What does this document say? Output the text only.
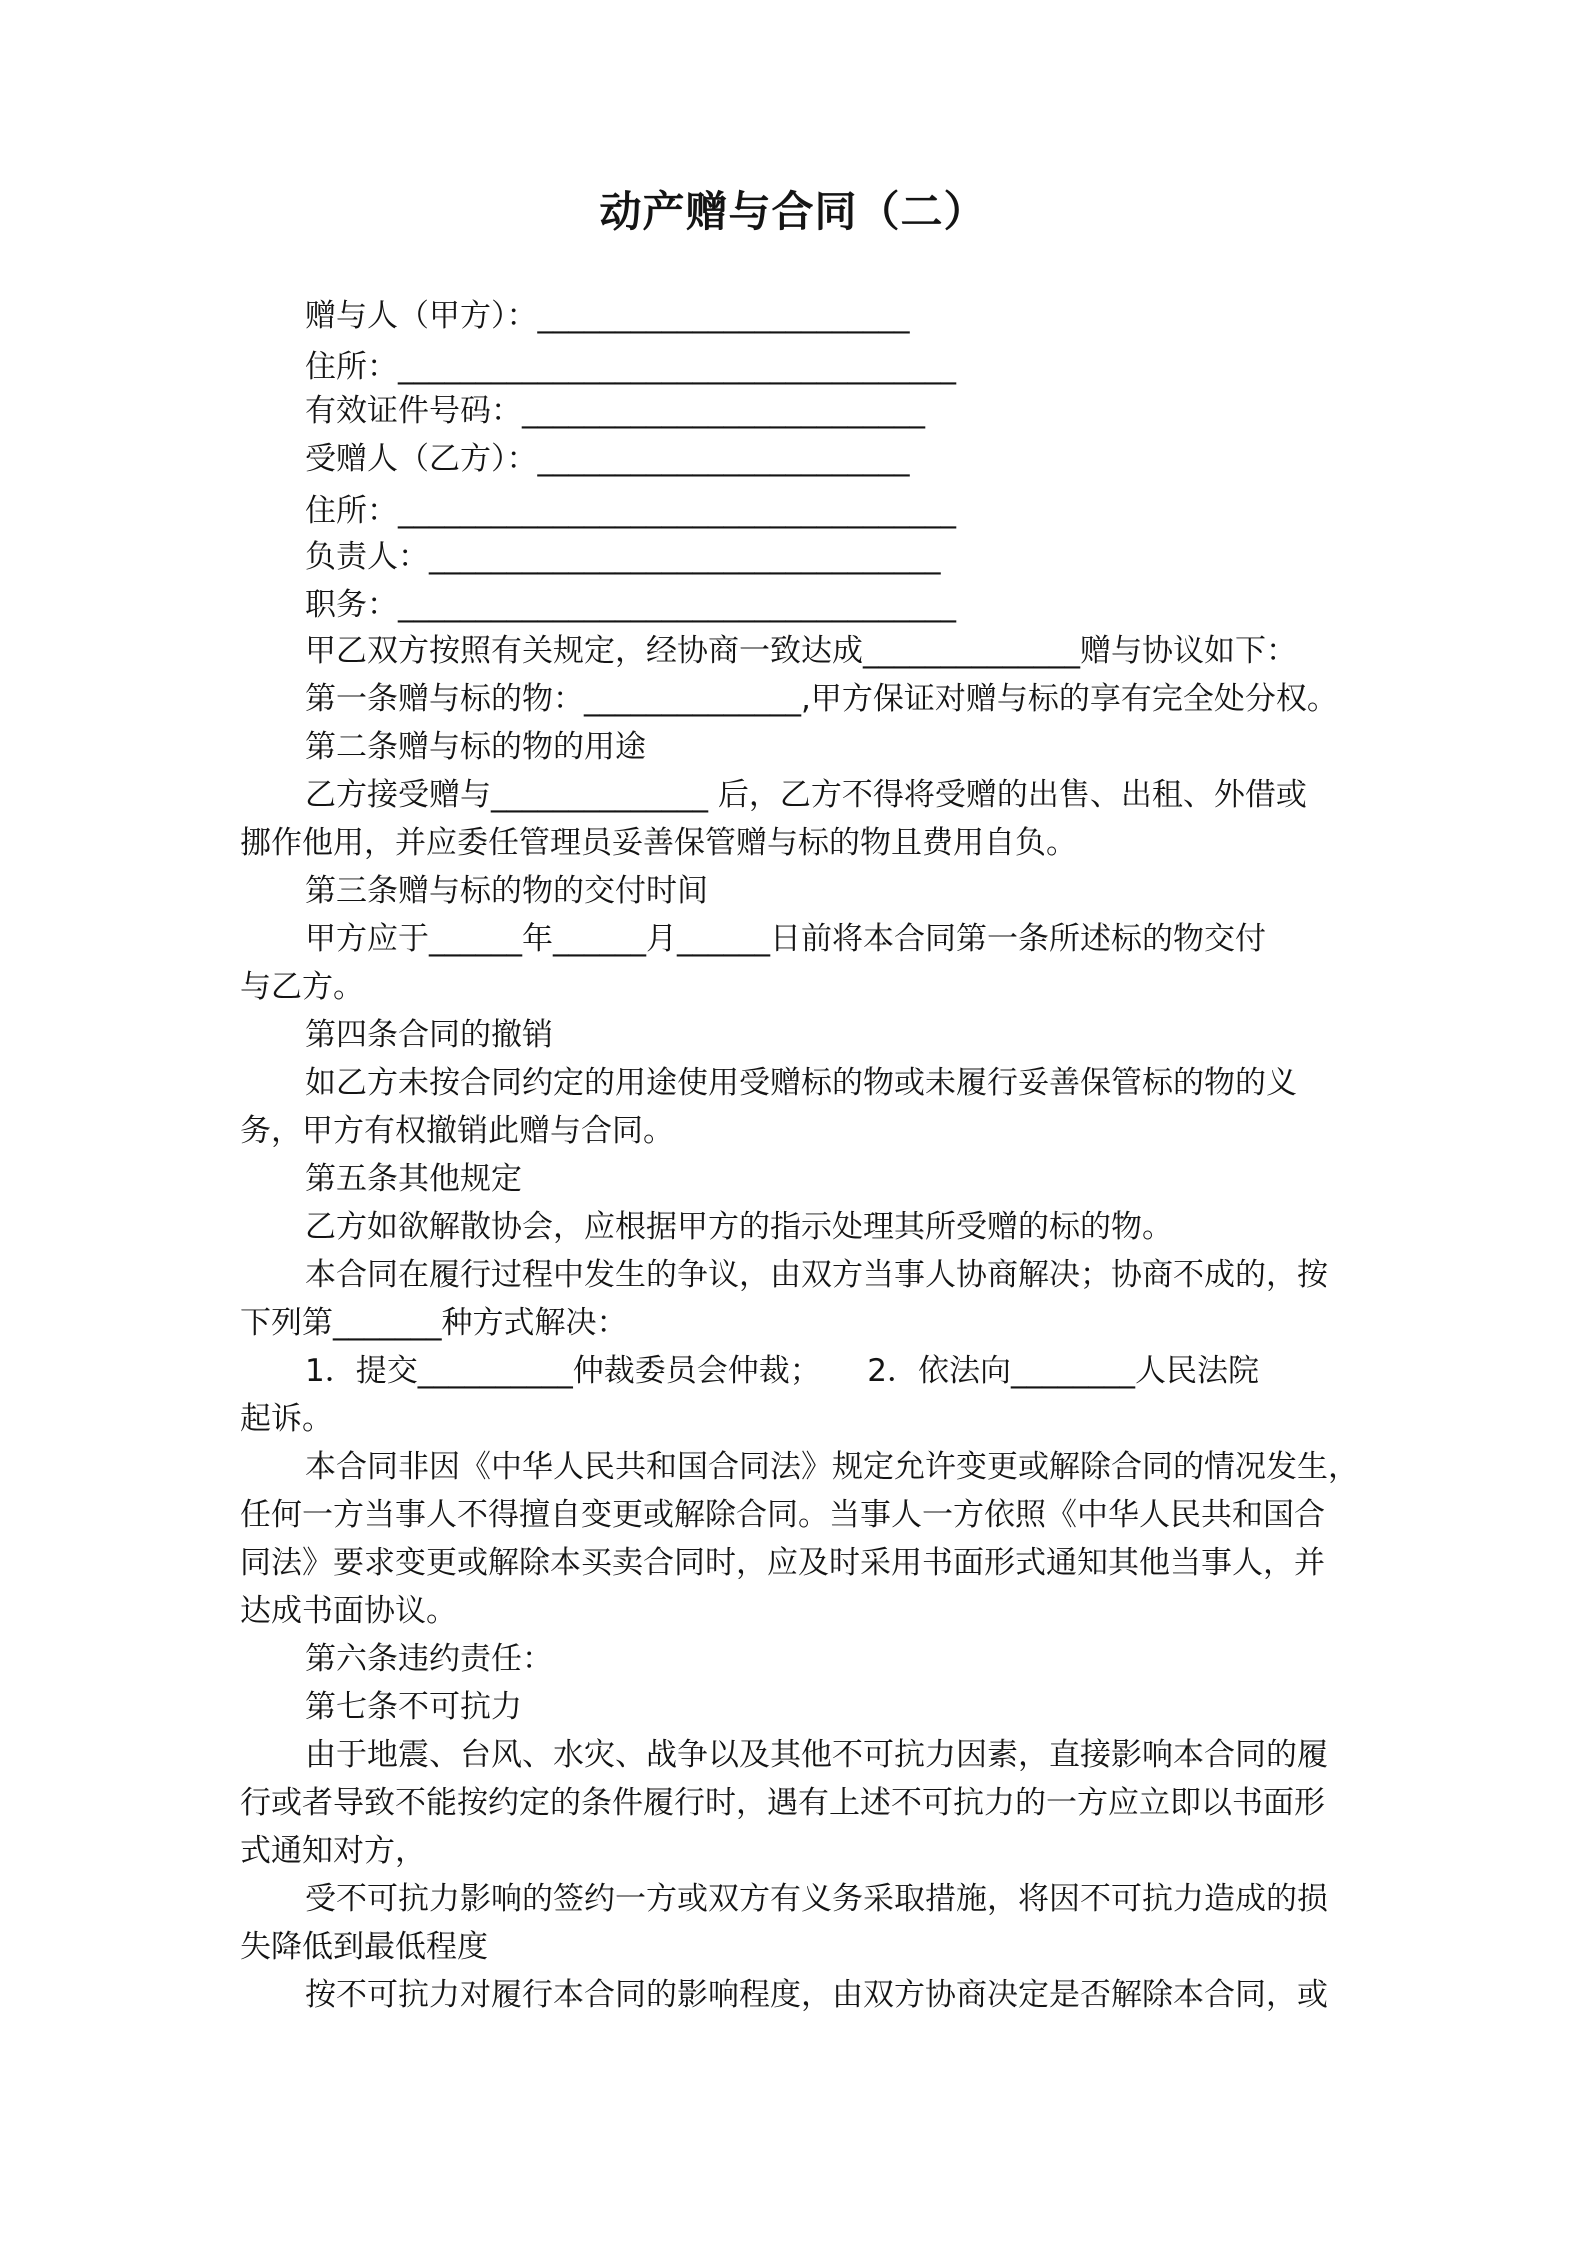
动产赠与合同（二）
赠与人（甲方）：________________________
住所：____________________________________
有效证件号码：__________________________
受赠人（乙方）：________________________
住所：____________________________________
负责人：_________________________________
职务：____________________________________
甲乙双方按照有关规定，经协商一致达成______________赠与协议如下：
第一条赠与标的物：______________,甲方保证对赠与标的享有完全处分权。
第二条赠与标的物的用途
乙方接受赠与______________ 后，乙方不得将受赠的出售、出租、外借或
挪作他用，并应委任管理员妥善保管赠与标的物且费用自负。
第三条赠与标的物的交付时间
甲方应于______年______月______日前将本合同第一条所述标的物交付
与乙方。
第四条合同的撤销
如乙方未按合同约定的用途使用受赠标的物或未履行妥善保管标的物的义
务，甲方有权撤销此赠与合同。
第五条其他规定
乙方如欲解散协会，应根据甲方的指示处理其所受赠的标的物。
本合同在履行过程中发生的争议，由双方当事人协商解决；协商不成的，按
下列第_______种方式解决：
1．提交__________仲裁委员会仲裁；　　2．依法向________人民法院
起诉。
本合同非因《中华人民共和国合同法》规定允许变更或解除合同的情况发生，
任何一方当事人不得擅自变更或解除合同。当事人一方依照《中华人民共和国合
同法》要求变更或解除本买卖合同时，应及时采用书面形式通知其他当事人，并
达成书面协议。
第六条违约责任：
第七条不可抗力
由于地震、台风、水灾、战争以及其他不可抗力因素，直接影响本合同的履
行或者导致不能按约定的条件履行时，遇有上述不可抗力的一方应立即以书面形
式通知对方，
受不可抗力影响的签约一方或双方有义务采取措施，将因不可抗力造成的损
失降低到最低程度
按不可抗力对履行本合同的影响程度，由双方协商决定是否解除本合同，或
